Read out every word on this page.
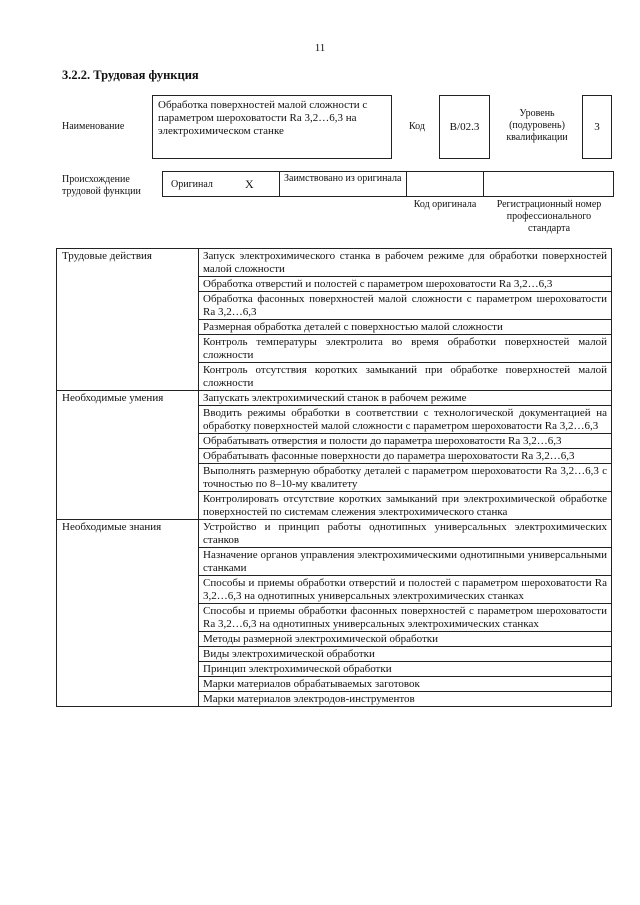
11
3.2.2. Трудовая функция
Наименование
Обработка поверхностей малой сложности с параметром шероховатости Ra 3,2…6,3 на электрохимическом станке	Код	B/02.3
Уровень (подуровень) квалификации
3
Происхождение трудовой функции
Оригинал	X	Заимствовано из оригинала
Код оригинала	Регистрационный номер профессионального стандарта
Трудовые действия	Запуск электрохимического станка в рабочем режиме для обработки поверхностей малой сложности
	Обработка отверстий и полостей с параметром шероховатости Ra 3,2…6,3
	Обработка фасонных поверхностей малой сложности с параметром шероховатости Ra 3,2…6,3
	Размерная обработка деталей с поверхностью малой сложности
	Контроль температуры электролита во время обработки поверхностей малой сложности
	Контроль отсутствия коротких замыканий при обработке поверхностей малой сложности
Необходимые умения	Запускать электрохимический станок в рабочем режиме
	Вводить режимы обработки в соответствии с технологической документацией на обработку поверхностей малой сложности с параметром шероховатости Ra 3,2…6,3
	Обрабатывать отверстия и полости до параметра шероховатости Ra 3,2…6,3
	Обрабатывать фасонные поверхности до параметра шероховатости Ra 3,2…6,3
	Выполнять размерную обработку деталей с параметром шероховатости Ra 3,2…6,3 с точностью по 8–10-му квалитету
	Контролировать отсутствие коротких замыканий при электрохимической обработке поверхностей по системам слежения электрохимического станка
Необходимые знания	Устройство и принцип работы однотипных универсальных электрохимических станков
	Назначение органов управления электрохимическими однотипными универсальными станками
	Способы и приемы обработки отверстий и полостей с параметром шероховатости Ra 3,2…6,3 на однотипных универсальных электрохимических станках
	Способы и приемы обработки фасонных поверхностей с параметром шероховатости Ra 3,2…6,3 на однотипных универсальных электрохимических станках
	Методы размерной электрохимической обработки
	Виды электрохимической обработки
	Принцип электрохимической обработки
	Марки материалов обрабатываемых заготовок
	Марки материалов электродов-инструментов
